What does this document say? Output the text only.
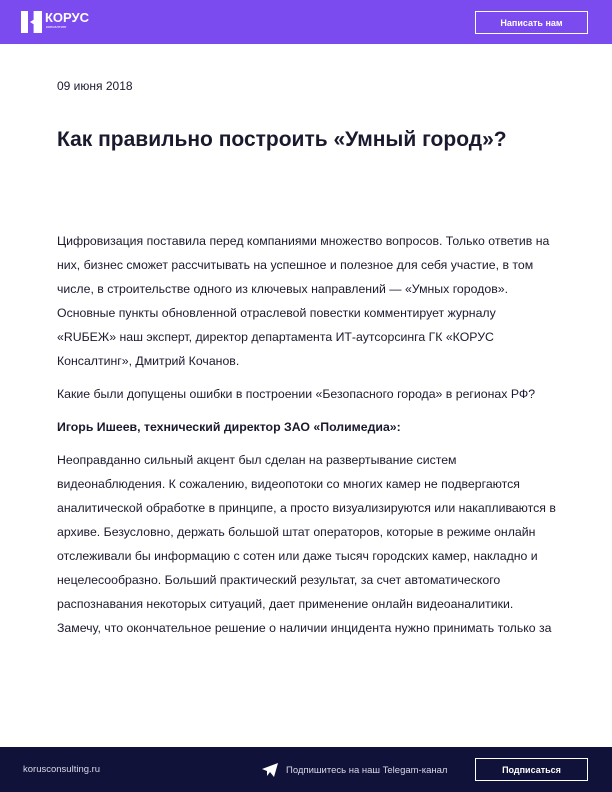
КОРУС
консалтинг	Написать нам
09 июня 2018
Как правильно построить «Умный город»?

Цифровизация поставила перед компаниями множество вопросов. Только ответив на них, бизнес сможет рассчитывать на успешное и полезное для себя участие, в том числе, в строительстве одного из ключевых направлений — «Умных городов». Основные пункты обновленной отраслевой повестки комментирует журналу «RUБЕЖ» наш эксперт, директор департамента ИТ-аутсорсинга ГК «КОРУС Консалтинг», Дмитрий Кочанов.

Какие были допущены ошибки в построении «Безопасного города» в регионах РФ?

Игорь Ишеев, технический директор ЗАО «Полимедиа»:

Неоправданно сильный акцент был сделан на развертывание систем видеонаблюдения. К сожалению, видеопотоки со многих камер не подвергаются аналитической обработке в принципе, а просто визуализируются или накапливаются в архиве. Безусловно, держать большой штат операторов, которые в режиме онлайн отслеживали бы информацию с сотен или даже тысяч городских камер, накладно и нецелесообразно. Больший практический результат, за счет автоматического распознавания некоторых ситуаций, дает применение онлайн видеоаналитики. Замечу, что окончательное решение о наличии инцидента нужно принимать только за

korusconsulting.ru	Подпишитесь на наш Telegam-канал	Подписаться
